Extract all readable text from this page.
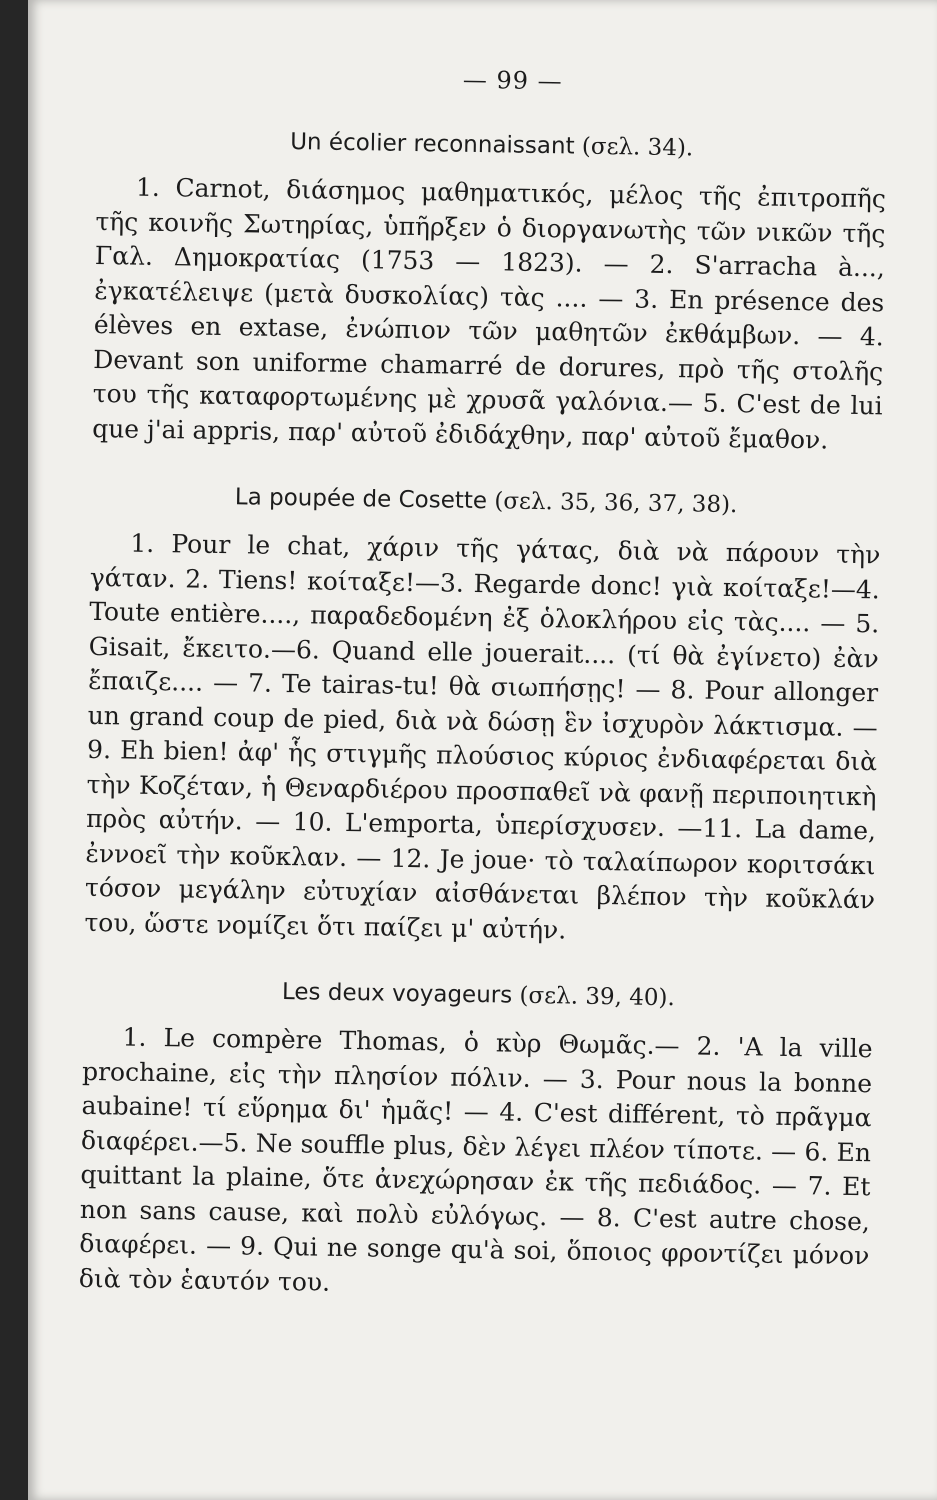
— 99 —
Un écolier reconnaissant (σελ. 34).

1. Carnot, διάσημος μαθηματικός, μέλος τῆς ἐπιτροπῆς τῆς κοινῆς Σωτηρίας, ὑπῆρξεν ὁ διοργανωτὴς τῶν νικῶν τῆς Γαλ. Δημοκρατίας (1753 — 1823). — 2. S'arracha à..., ἐγκατέλειψε (μετὰ δυσκολίας) τὰς .... — 3. En présence des élèves en extase, ἐνώπιον τῶν μαθητῶν ἐκθάμβων. — 4. Devant son uniforme chamarré de dorures, πρὸ τῆς στολῆς του τῆς καταφορτωμένης μὲ χρυσᾶ γαλόνια.— 5. C'est de lui que j'ai appris, παρ' αὐτοῦ ἐδιδάχθην, παρ' αὐτοῦ ἔμαθον.

La poupée de Cosette (σελ. 35, 36, 37, 38).

1. Pour le chat, χάριν τῆς γάτας, διὰ νὰ πάρουν τὴν γάταν. 2. Tiens! κοίταξε!—3. Regarde donc! γιὰ κοίταξε!—4. Toute entière...., παραδεδομένη ἐξ ὁλοκλήρου εἰς τὰς.... — 5. Gisait, ἔκειτο.—6. Quand elle jouerait.... (τί θὰ ἐγίνετο) ἐὰν ἔπαιζε.... — 7. Te tairas-tu! θὰ σιωπήσῃς! — 8. Pour allonger un grand coup de pied, διὰ νὰ δώσῃ ἓν ἰσχυρὸν λάκτισμα. — 9. Eh bien! ἀφ' ἧς στιγμῆς πλούσιος κύριος ἐνδιαφέρεται διὰ τὴν Κοζέταν, ἡ Θεναρδιέρου προσπαθεῖ νὰ φανῇ περιποιητικὴ πρὸς αὐτήν. — 10. L'emporta, ὑπερίσχυσεν. —11. La dame, ἐννοεῖ τὴν κοῦκλαν. — 12. Je joue· τὸ ταλαίπωρον κοριτσάκι τόσον μεγάλην εὐτυχίαν αἰσθάνεται βλέπον τὴν κοῦκλάν του, ὥστε νομίζει ὅτι παίζει μ' αὐτήν.

Les deux voyageurs (σελ. 39, 40).

1. Le compère Thomas, ὁ κὺρ Θωμᾶς.— 2. 'A la ville prochaine, εἰς τὴν πλησίον πόλιν. — 3. Pour nous la bonne aubaine! τί εὕρημα δι' ἡμᾶς! — 4. C'est différent, τὸ πρᾶγμα διαφέρει.—5. Ne souffle plus, δὲν λέγει πλέον τίποτε. — 6. En quittant la plaine, ὅτε ἀνεχώρησαν ἐκ τῆς πεδιάδος. — 7. Et non sans cause, καὶ πολὺ εὐλόγως. — 8. C'est autre chose, διαφέρει. — 9. Qui ne songe qu'à soi, ὅποιος φροντίζει μόνον διὰ τὸν ἑαυτόν του.
